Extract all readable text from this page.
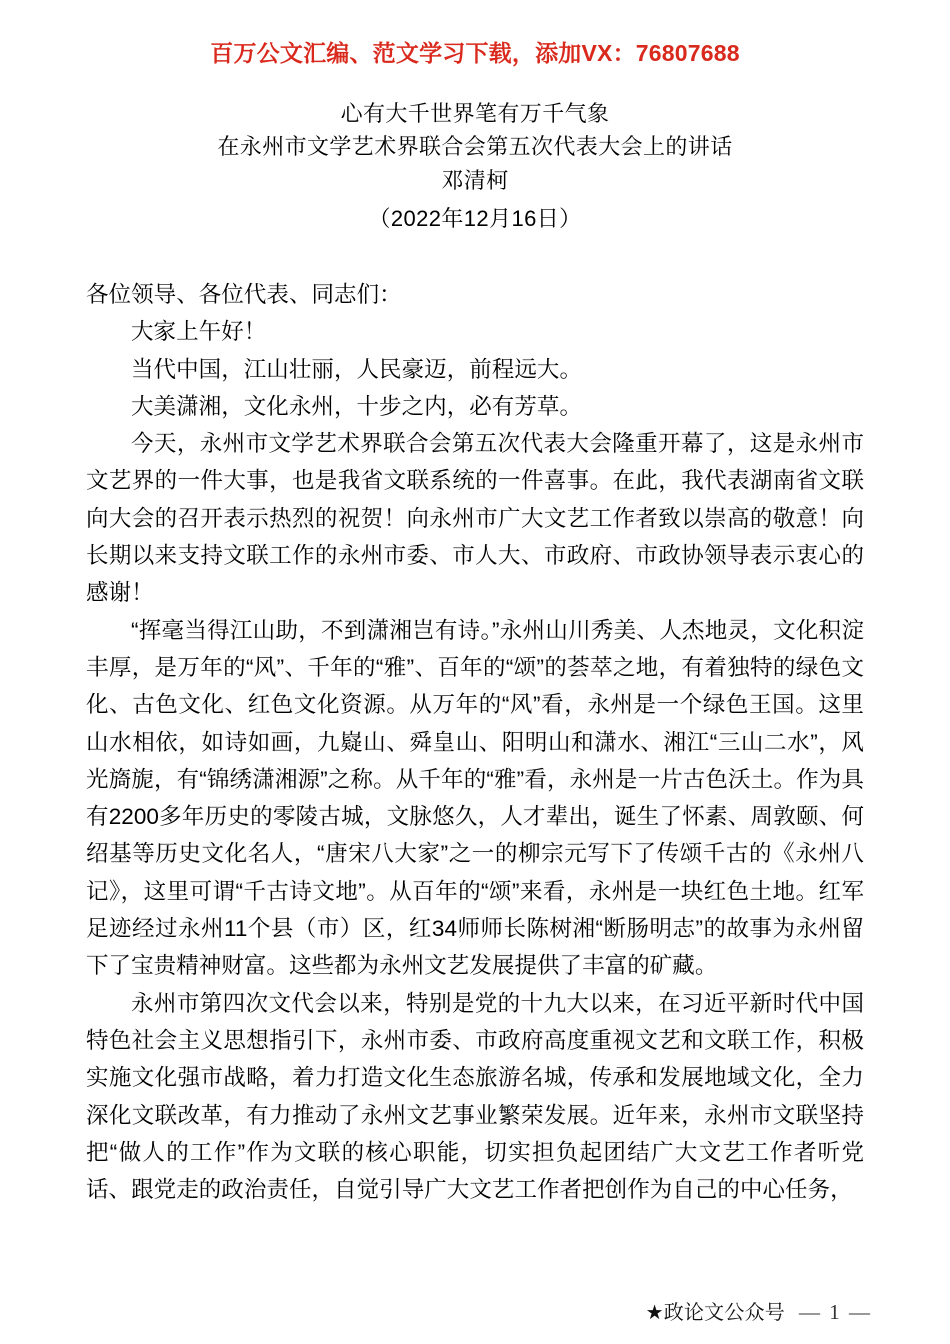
百万公文汇编、范文学习下载，添加VX：76807688

心有大千世界笔有万千气象

在永州市文学艺术界联合会第五次代表大会上的讲话

邓清柯

（2022年12月16日）

各位领导、各位代表、同志们：

大家上午好！

当代中国，江山壮丽，人民豪迈，前程远大。

大美潇湘，文化永州，十步之内，必有芳草。

今天，永州市文学艺术界联合会第五次代表大会隆重开幕了，这是永州市文艺界的一件大事，也是我省文联系统的一件喜事。在此，我代表湖南省文联向大会的召开表示热烈的祝贺！向永州市广大文艺工作者致以崇高的敬意！向长期以来支持文联工作的永州市委、市人大、市政府、市政协领导表示衷心的感谢！

“挥毫当得江山助，不到潇湘岂有诗。”永州山川秀美、人杰地灵，文化积淀丰厚，是万年的“风”、千年的“雅”、百年的“颂”的荟萃之地，有着独特的绿色文化、古色文化、红色文化资源。从万年的“风”看，永州是一个绿色王国。这里山水相依，如诗如画，九嶷山、舜皇山、阳明山和潇水、湘江“三山二水”，风光旖旎，有“锦绣潇湘源”之称。从千年的“雅”看，永州是一片古色沃土。作为具有2200多年历史的零陵古城，文脉悠久，人才辈出，诞生了怀素、周敦颐、何绍基等历史文化名人，“唐宋八大家”之一的柳宗元写下了传颂千古的《永州八记》，这里可谓“千古诗文地”。从百年的“颂”来看，永州是一块红色土地。红军足迹经过永州11个县（市）区，红34师师长陈树湘“断肠明志”的故事为永州留下了宝贵精神财富。这些都为永州文艺发展提供了丰富的矿藏。

永州市第四次文代会以来，特别是党的十九大以来，在习近平新时代中国特色社会主义思想指引下，永州市委、市政府高度重视文艺和文联工作，积极实施文化强市战略，着力打造文化生态旅游名城，传承和发展地域文化，全力深化文联改革，有力推动了永州文艺事业繁荣发展。近年来，永州市文联坚持把“做人的工作”作为文联的核心职能，切实担负起团结广大文艺工作者听党话、跟党走的政治责任，自觉引导广大文艺工作者把创作为自己的中心任务，

★政论文公众号 — 1 —
